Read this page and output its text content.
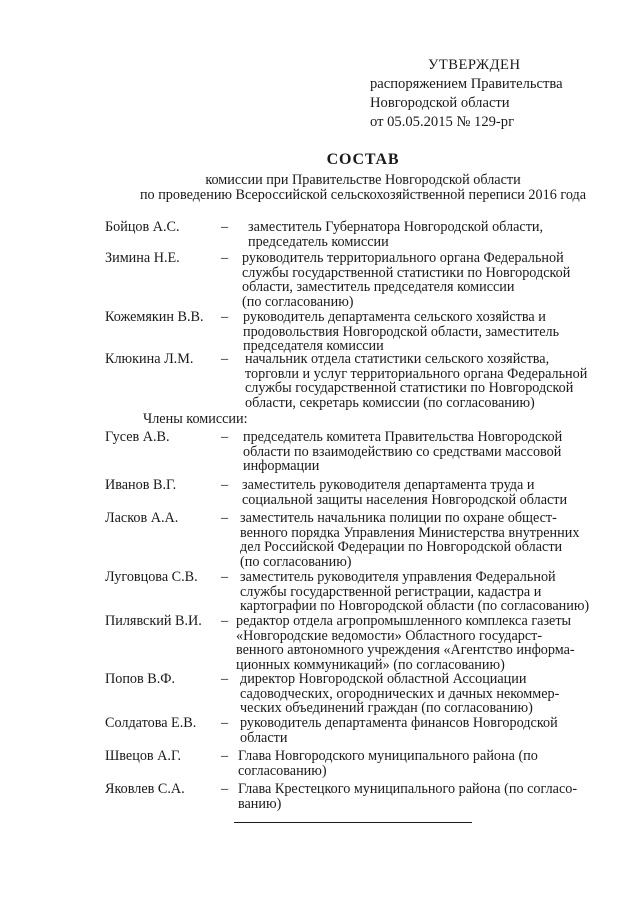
УТВЕРЖДЕН
распоряжением Правительства
Новгородской области
от 05.05.2015 № 129-рг
СОСТАВ
комиссии при Правительстве Новгородской области
по проведению Всероссийской сельскохозяйственной переписи 2016 года
Бойцов А.С.	– заместитель Губернатора Новгородской области,
председатель комиссии
Зимина Н.Е.	– руководитель территориального органа Федеральной
службы государственной статистики по Новгородской
области, заместитель председателя комиссии
(по согласованию)
Кожемякин В.В. – руководитель департамента сельского хозяйства и
продовольствия Новгородской области, заместитель
председателя комиссии
Клюкина Л.М. – начальник отдела статистики сельского хозяйства,
торговли и услуг территориального органа Федеральной
службы государственной статистики по Новгородской
области, секретарь комиссии (по согласованию)
Члены комиссии:
Гусев А.В.	– председатель комитета Правительства Новгородской
области по взаимодействию со средствами массовой
информации
Иванов В.Г.	– заместитель руководителя департамента труда и
социальной защиты населения Новгородской области
Ласков А.А.	– заместитель начальника полиции по охране общест-
венного порядка Управления Министерства внутренних
дел Российской Федерации по Новгородской области
(по согласованию)
Луговцова С.В. – заместитель руководителя управления Федеральной
службы государственной регистрации, кадастра и
картографии по Новгородской области (по согласованию)
Пилявский В.И. – редактор отдела агропромышленного комплекса газеты
«Новгородские ведомости» Областного государст-
венного автономного учреждения «Агентство информа-
ционных коммуникаций» (по согласованию)
Попов В.Ф.	– директор Новгородской областной Ассоциации
садоводческих, огороднических и дачных некоммер-
ческих объединений граждан (по согласованию)
Солдатова Е.В. – руководитель департамента финансов Новгородской
области
Швецов А.Г.	– Глава Новгородского муниципального района (по
согласованию)
Яковлев С.А.	– Глава Крестецкого муниципального района (по согласо-
ванию)
